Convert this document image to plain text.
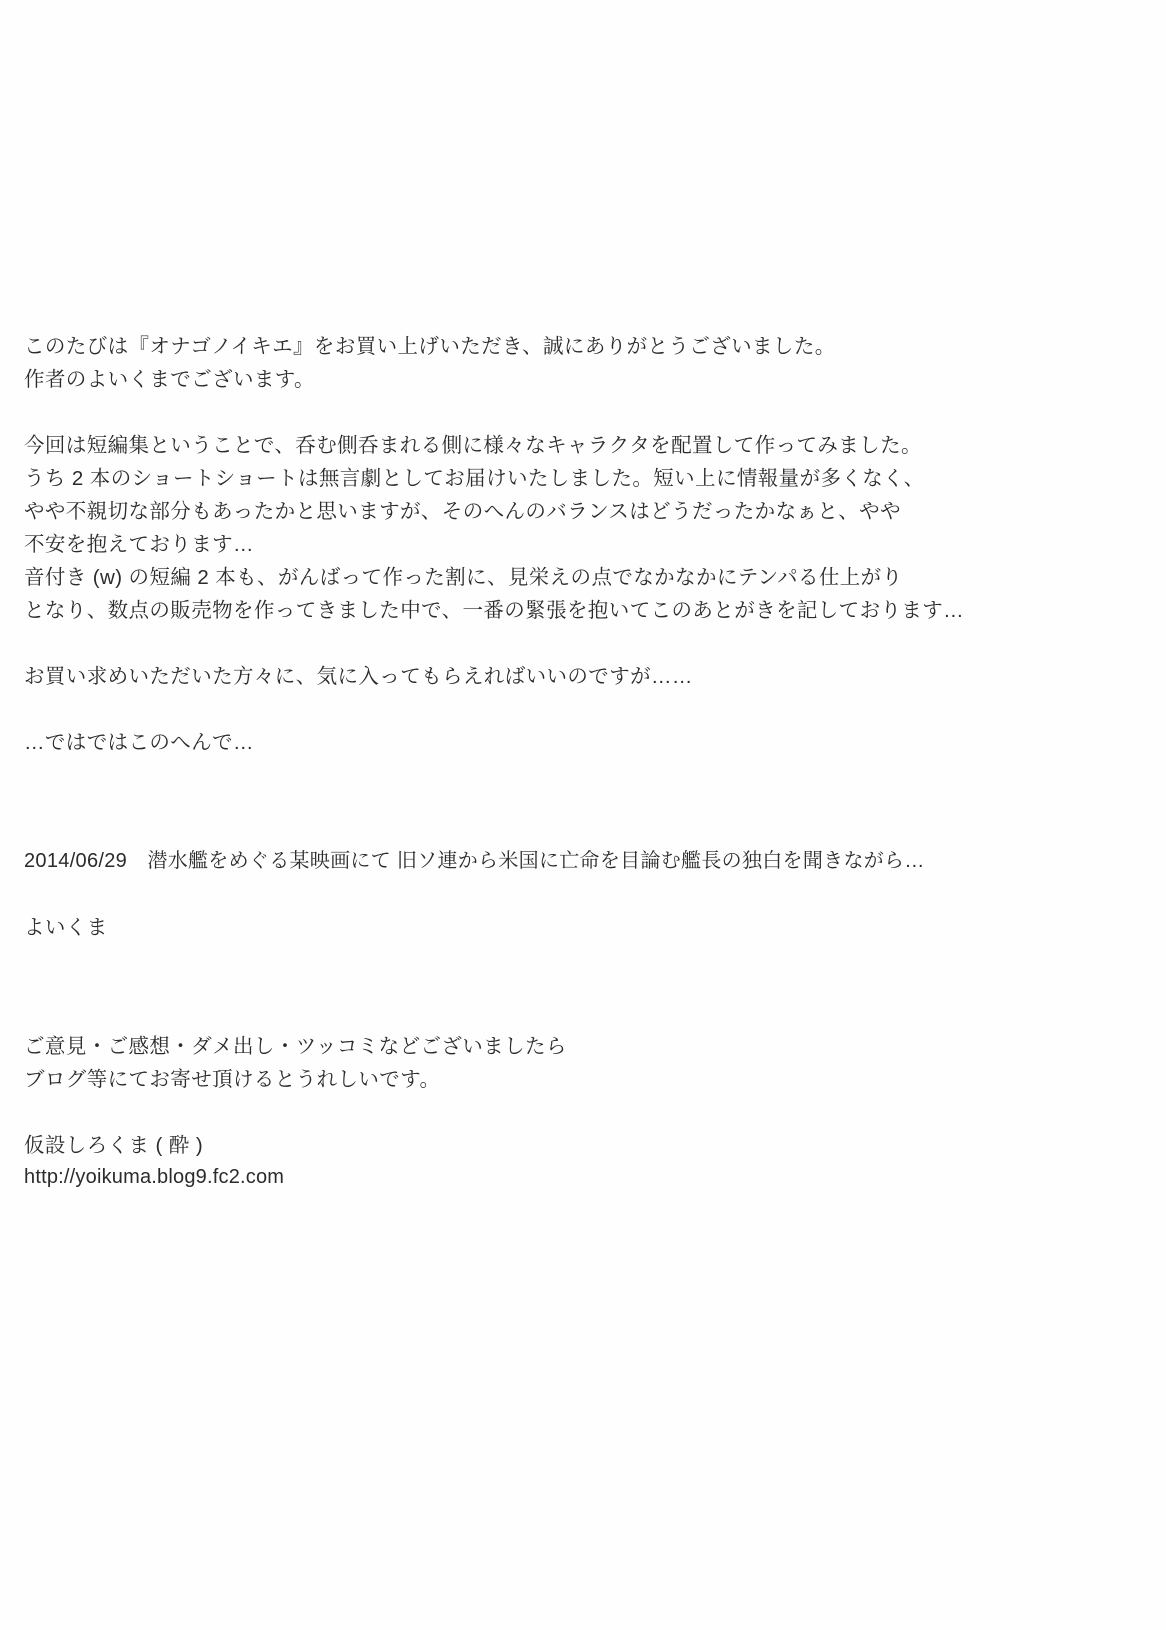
このたびは『オナゴノイキエ』をお買い上げいただき、誠にありがとうございました。
作者のよいくまでございます。
今回は短編集ということで、呑む側呑まれる側に様々なキャラクタを配置して作ってみました。
うち 2 本のショートショートは無言劇としてお届けいたしました。短い上に情報量が多くなく、
やや不親切な部分もあったかと思いますが、そのへんのバランスはどうだったかなぁと、やや
不安を抱えております…
音付き (w) の短編 2 本も、がんばって作った割に、見栄えの点でなかなかにテンパる仕上がり
となり、数点の販売物を作ってきました中で、一番の緊張を抱いてこのあとがきを記しております…
お買い求めいただいた方々に、気に入ってもらえればいいのですが……
…ではではこのへんで…
2014/06/29　潜水艦をめぐる某映画にて 旧ソ連から米国に亡命を目論む艦長の独白を聞きながら…
よいくま
ご意見・ご感想・ダメ出し・ツッコミなどございましたら
ブログ等にてお寄せ頂けるとうれしいです。
仮設しろくま ( 酔 )
http://yoikuma.blog9.fc2.com
